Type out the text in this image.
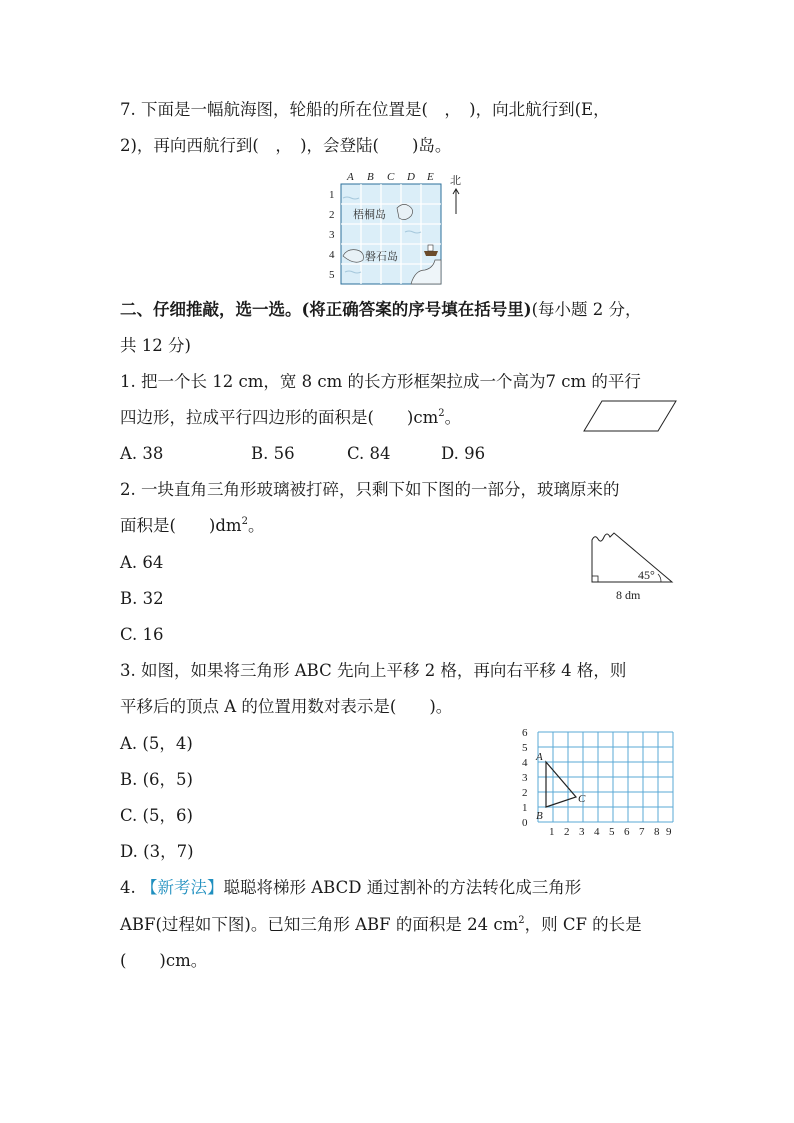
7. 下面是一幅航海图，轮船的所在位置是(　，　)，向北航行到(E，
2)，再向西航行到(　，　)，会登陆(　　)岛。
梧桐岛
磐石岛
A B C D E
1
2
3
4
5
北
二、仔细推敲，选一选。(将正确答案的序号填在括号里)(每小题 2 分，
共 12 分)
1. 把一个长 12 cm，宽 8 cm 的长方形框架拉成一个高为7 cm 的平行
四边形，拉成平行四边形的面积是(　　)$cm^2$。
A. 38	B. 56	C. 84	D. 96
2. 一块直角三角形玻璃被打碎，只剩下如下图的一部分，玻璃原来的
面积是(　　)$dm^2$。
45°
8 dm
A. 64
B. 32
C. 16
3. 如图，如果将三角形 ABC 先向上平移 2 格，再向右平移 4 格，则
平移后的顶点 A 的位置用数对表示是(　　)。
A. (5，4)
B. (6，5)
C. (5，6)
D. (3，7)
A
B
C
0
1
2
3
4
5
6
1 2 3 4 5 6 7 8 9
4. 【新考法】聪聪将梯形 ABCD 通过割补的方法转化成三角形
ABF(过程如下图)。已知三角形 ABF 的面积是 24 $cm^2$，则 CF 的长是
(　　)cm。
